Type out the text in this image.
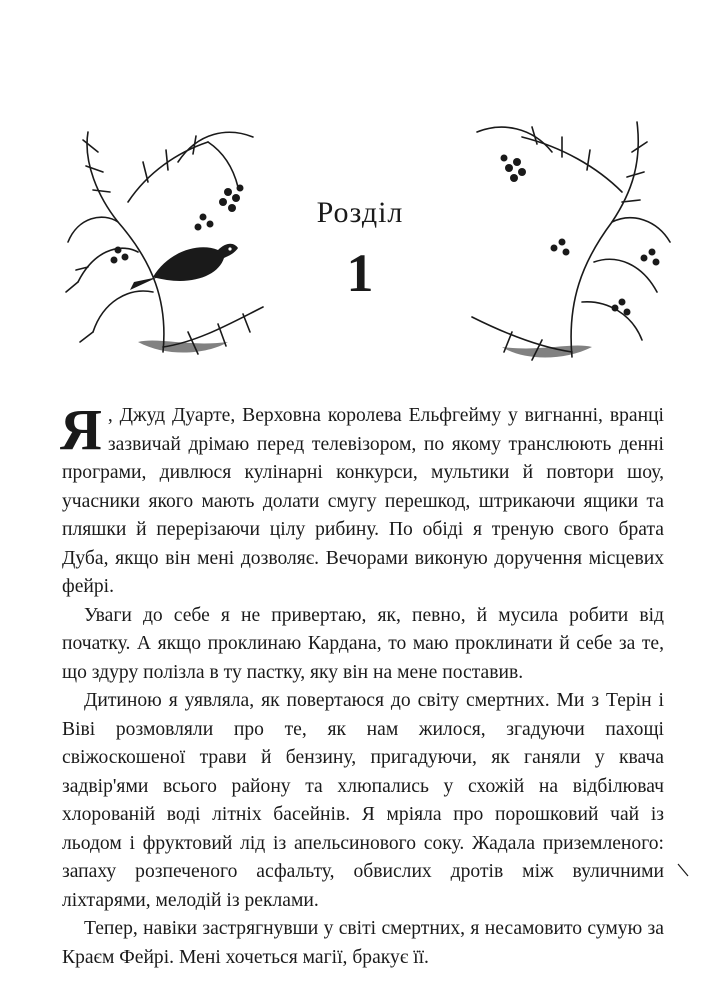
Розділ
1

Я , Джуд Дуарте, Верховна королева Ельфгейму у вигнанні, вранці зазвичай дрімаю перед телевізором, по якому транслюють денні програми, дивлюся кулінарні конкурси, мультики й повтори шоу, учасники якого мають долати смугу перешкод, штрикаючи ящики та пляшки й перерізаючи цілу рибину. По обіді я треную свого брата Дуба, якщо він мені дозволяє. Вечорами виконую доручення місцевих фейрі.

Уваги до себе я не привертаю, як, певно, й мусила робити від початку. А якщо проклинаю Кардана, то маю проклинати й себе за те, що здуру полізла в ту пастку, яку він на мене поставив.

Дитиною я уявляла, як повертаюся до світу смертних. Ми з Терін і Віві розмовляли про те, як нам жилося, згадуючи пахощі свіжоскошеної трави й бензину, пригадуючи, як ганяли у квача задвір'ями всього району та хлюпались у схожій на відбілювач хлорованій воді літніх басейнів. Я мріяла про порошковий чай із льодом і фруктовий лід із апельсинового соку. Жадала приземленого: запаху розпеченого асфальту, обвислих дротів між вуличними ліхтарями, мелодій із реклами.

Тепер, навіки застрягнувши у світі смертних, я несамовито сумую за Краєм Фейрі. Мені хочеться магії, бракує її.
